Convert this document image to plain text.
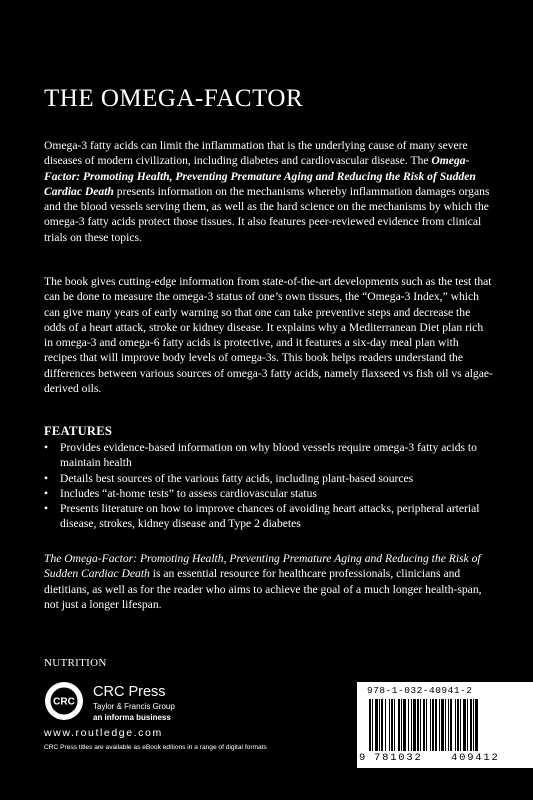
THE OMEGA-FACTOR

Omega-3 fatty acids can limit the inflammation that is the underlying cause of many severe diseases of modern civilization, including diabetes and cardiovascular disease. The Omega-Factor: Promoting Health, Preventing Premature Aging and Reducing the Risk of Sudden Cardiac Death presents information on the mechanisms whereby inflammation damages organs and the blood vessels serving them, as well as the hard science on the mechanisms by which the omega-3 fatty acids protect those tissues. It also features peer-reviewed evidence from clinical trials on these topics.

The book gives cutting-edge information from state-of-the-art developments such as the test that can be done to measure the omega-3 status of one’s own tissues, the “Omega-3 Index,” which can give many years of early warning so that one can take preventive steps and decrease the odds of a heart attack, stroke or kidney disease. It explains why a Mediterranean Diet plan rich in omega-3 and omega-6 fatty acids is protective, and it features a six-day meal plan with recipes that will improve body levels of omega-3s. This book helps readers understand the differences between various sources of omega-3 fatty acids, namely flaxseed vs fish oil vs algae-derived oils.

FEATURES
• Provides evidence-based information on why blood vessels require omega-3 fatty acids to maintain health
• Details best sources of the various fatty acids, including plant-based sources
• Includes “at-home tests” to assess cardiovascular status
• Presents literature on how to improve chances of avoiding heart attacks, peripheral arterial disease, strokes, kidney disease and Type 2 diabetes

The Omega-Factor: Promoting Health, Preventing Premature Aging and Reducing the Risk of Sudden Cardiac Death is an essential resource for healthcare professionals, clinicians and dietitians, as well as for the reader who aims to achieve the goal of a much longer health-span, not just a longer lifespan.

NUTRITION

CRC

CRC Press

Taylor & Francis Group

an informa business

www.routledge.com

CRC Press titles are available as eBook editions in a range of digital formats

978-1-032-40941-2

9 781032	409412
